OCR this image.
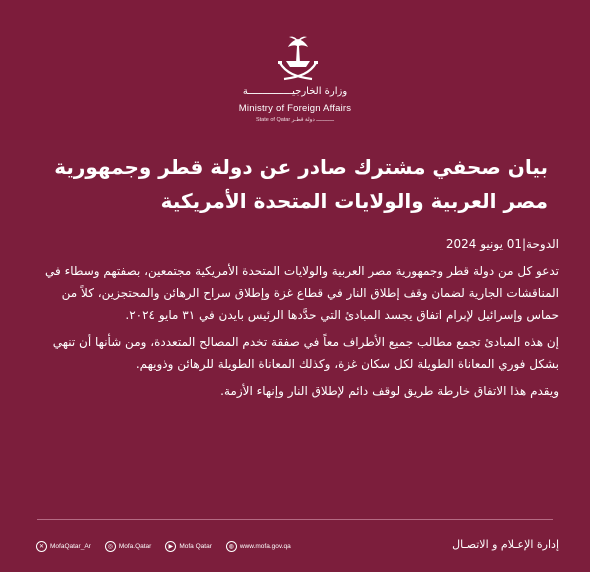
وزارة الخارجيـــــــــــــــة
Ministry of Foreign Affairs
State of Qatar ـــــــــــ دولة قطـر
بيان صحفي مشترك صادر عن دولة قطر وجمهورية
مصر العربية والولايات المتحدة الأمريكية

الدوحة|01 يونيو 2024

تدعو كل من دولة قطر وجمهورية مصر العربية والولايات المتحدة الأمريكية مجتمعين، بصفتهم وسطاء في المناقشات الجارية لضمان وقف إطلاق النار في قطاع غزة وإطلاق سراح الرهائن والمحتجزين، كلاً من حماس وإسرائيل لإبرام اتفاق يجسد المبادئ التي حدَّدها الرئيس بايدن في ٣١ مايو ٢٠٢٤.

إن هذه المبادئ تجمع مطالب جميع الأطراف معاً في صفقة تخدم المصالح المتعددة، ومن شأنها أن تنهي بشكل فوري المعاناة الطويلة لكل سكان غزة، وكذلك المعاناة الطويلة للرهائن وذويهم.

ويقدم هذا الاتفاق خارطة طريق لوقف دائم لإطلاق النار وإنهاء الأزمة.

✕ MofaQatar_Ar	◎ Mofa.Qatar	▶ Mofa Qatar	◍ www.mofa.gov.qa	إدارة الإعـلام و الاتصـال
